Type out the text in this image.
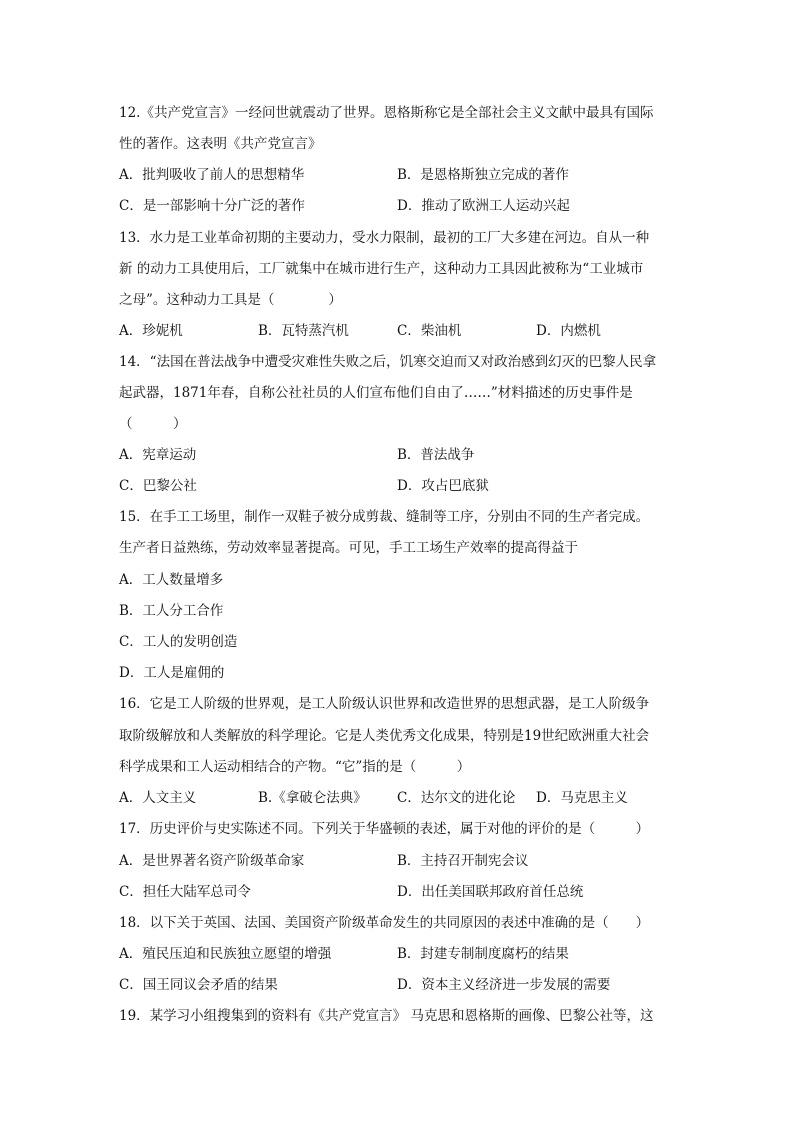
12.《共产党宣言》一经问世就震动了世界。恩格斯称它是全部社会主义文献中最具有国际
性的著作。这表明《共产党宣言》
A．批判吸收了前人的思想精华	B．是恩格斯独立完成的著作
C．是一部影响十分广泛的著作	D．推动了欧洲工人运动兴起
13．水力是工业革命初期的主要动力，受水力限制，最初的工厂大多建在河边。自从一种
新 的动力工具使用后，工厂就集中在城市进行生产，这种动力工具因此被称为“工业城市
之母”。这种动力工具是（　　　　）
A．珍妮机	B．瓦特蒸汽机	C．柴油机	D．内燃机
14．“法国在普法战争中遭受灾难性失败之后，饥寒交迫而又对政治感到幻灭的巴黎人民拿
起武器，1871年春，自称公社社员的人们宣布他们自由了……”材料描述的历史事件是
（　　　）
A．宪章运动	B．普法战争
C．巴黎公社	D．攻占巴底狱
15．在手工工场里，制作一双鞋子被分成剪裁、缝制等工序，分别由不同的生产者完成。
生产者日益熟练，劳动效率显著提高。可见，手工工场生产效率的提高得益于
A．工人数量增多
B．工人分工合作
C．工人的发明创造
D．工人是雇佣的
16．它是工人阶级的世界观，是工人阶级认识世界和改造世界的思想武器，是工人阶级争
取阶级解放和人类解放的科学理论。它是人类优秀文化成果，特别是19世纪欧洲重大社会
科学成果和工人运动相结合的产物。“它”指的是（　　　）
A．人文主义	B.《拿破仑法典》 C．达尔文的进化论 D．马克思主义
17．历史评价与史实陈述不同。下列关于华盛顿的表述，属于对他的评价的是（　　　）
A．是世界著名资产阶级革命家	B．主持召开制宪会议
C．担任大陆军总司令	D．出任美国联邦政府首任总统
18．以下关于英国、法国、美国资产阶级革命发生的共同原因的表述中准确的是（　　）
A．殖民压迫和民族独立愿望的增强	B．封建专制制度腐朽的结果
C．国王同议会矛盾的结果	D．资本主义经济进一步发展的需要
19．某学习小组搜集到的资料有《共产党宣言》 马克思和恩格斯的画像、巴黎公社等，这
